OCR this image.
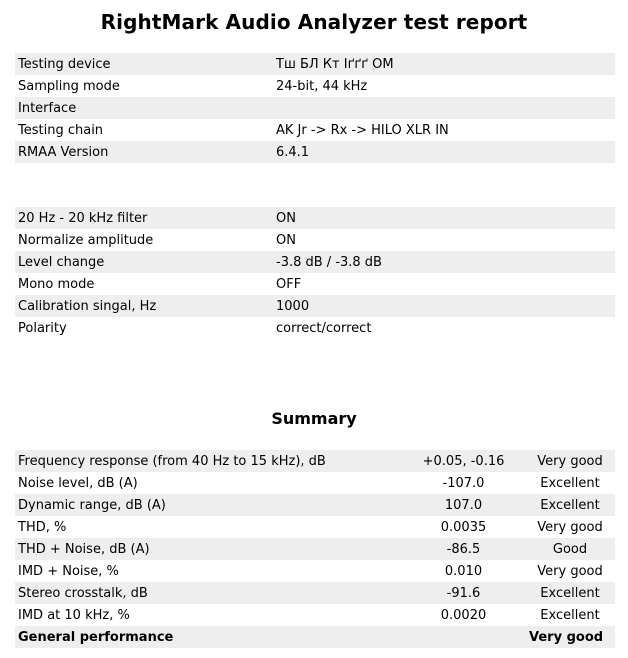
RightMark Audio Analyzer test report
Testing device	Тш БЛ Кт Іґґґ ОМ
Sampling mode	24-bit, 44 kHz
Interface	
Testing chain	AK Jr -> Rx -> HILO XLR IN
RMAA Version	6.4.1
20 Hz - 20 kHz filter	ON
Normalize amplitude	ON
Level change	-3.8 dB / -3.8 dB
Mono mode	OFF
Calibration singal, Hz	1000
Polarity	correct/correct
Summary
Frequency response (from 40 Hz to 15 kHz), dB	+0.05, -0.16	Very good
Noise level, dB (A)	-107.0	Excellent
Dynamic range, dB (A)	107.0	Excellent
THD, %	0.0035	Very good
THD + Noise, dB (A)	-86.5	Good
IMD + Noise, %	0.010	Very good
Stereo crosstalk, dB	-91.6	Excellent
IMD at 10 kHz, %	0.0020	Excellent
General performance		Very good
